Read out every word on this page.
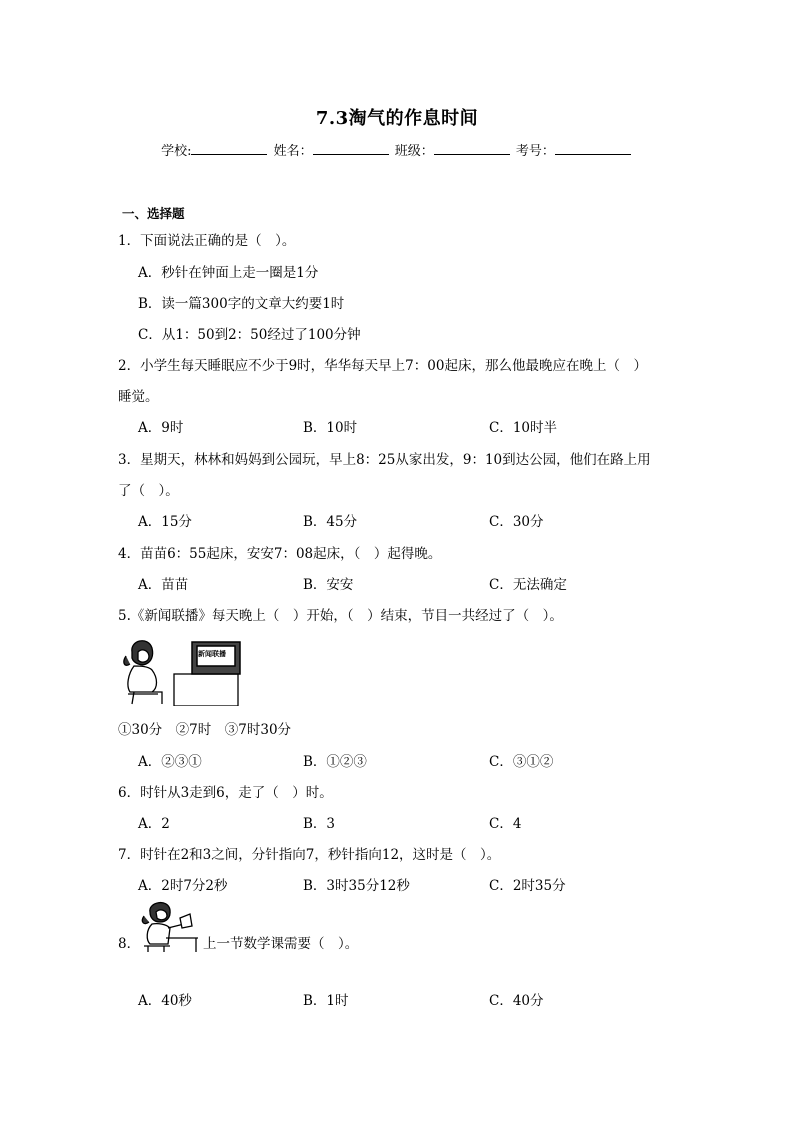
7.3淘气的作息时间
学校:	姓名：	班级：	考号：
一、选择题
1．下面说法正确的是（　）。
A．秒针在钟面上走一圈是1分
B．读一篇300字的文章大约要1时
C．从1：50到2：50经过了100分钟
2．小学生每天睡眠应不少于9时，华华每天早上7：00起床，那么他最晚应在晚上（　）
睡觉。
A．9时	B．10时	C．10时半
3．星期天，林林和妈妈到公园玩，早上8：25从家出发，9：10到达公园，他们在路上用
了（　）。
A．15分	B．45分	C．30分
4．苗苗6：55起床，安安7：08起床，（　）起得晚。
A．苗苗	B．安安	C．无法确定
5.《新闻联播》每天晚上（　）开始，（　）结束，节目一共经过了（　）。
新闻联播
①30分　②7时　③7时30分
A．②③①	B．①②③	C．③①②
6．时针从3走到6，走了（　）时。
A．2	B．3	C．4
7．时针在2和3之间，分针指向7，秒针指向12，这时是（　）。
A．2时7分2秒	B．3时35分12秒	C．2时35分
8．	上一节数学课需要（　）。
A．40秒	B．1时	C．40分
